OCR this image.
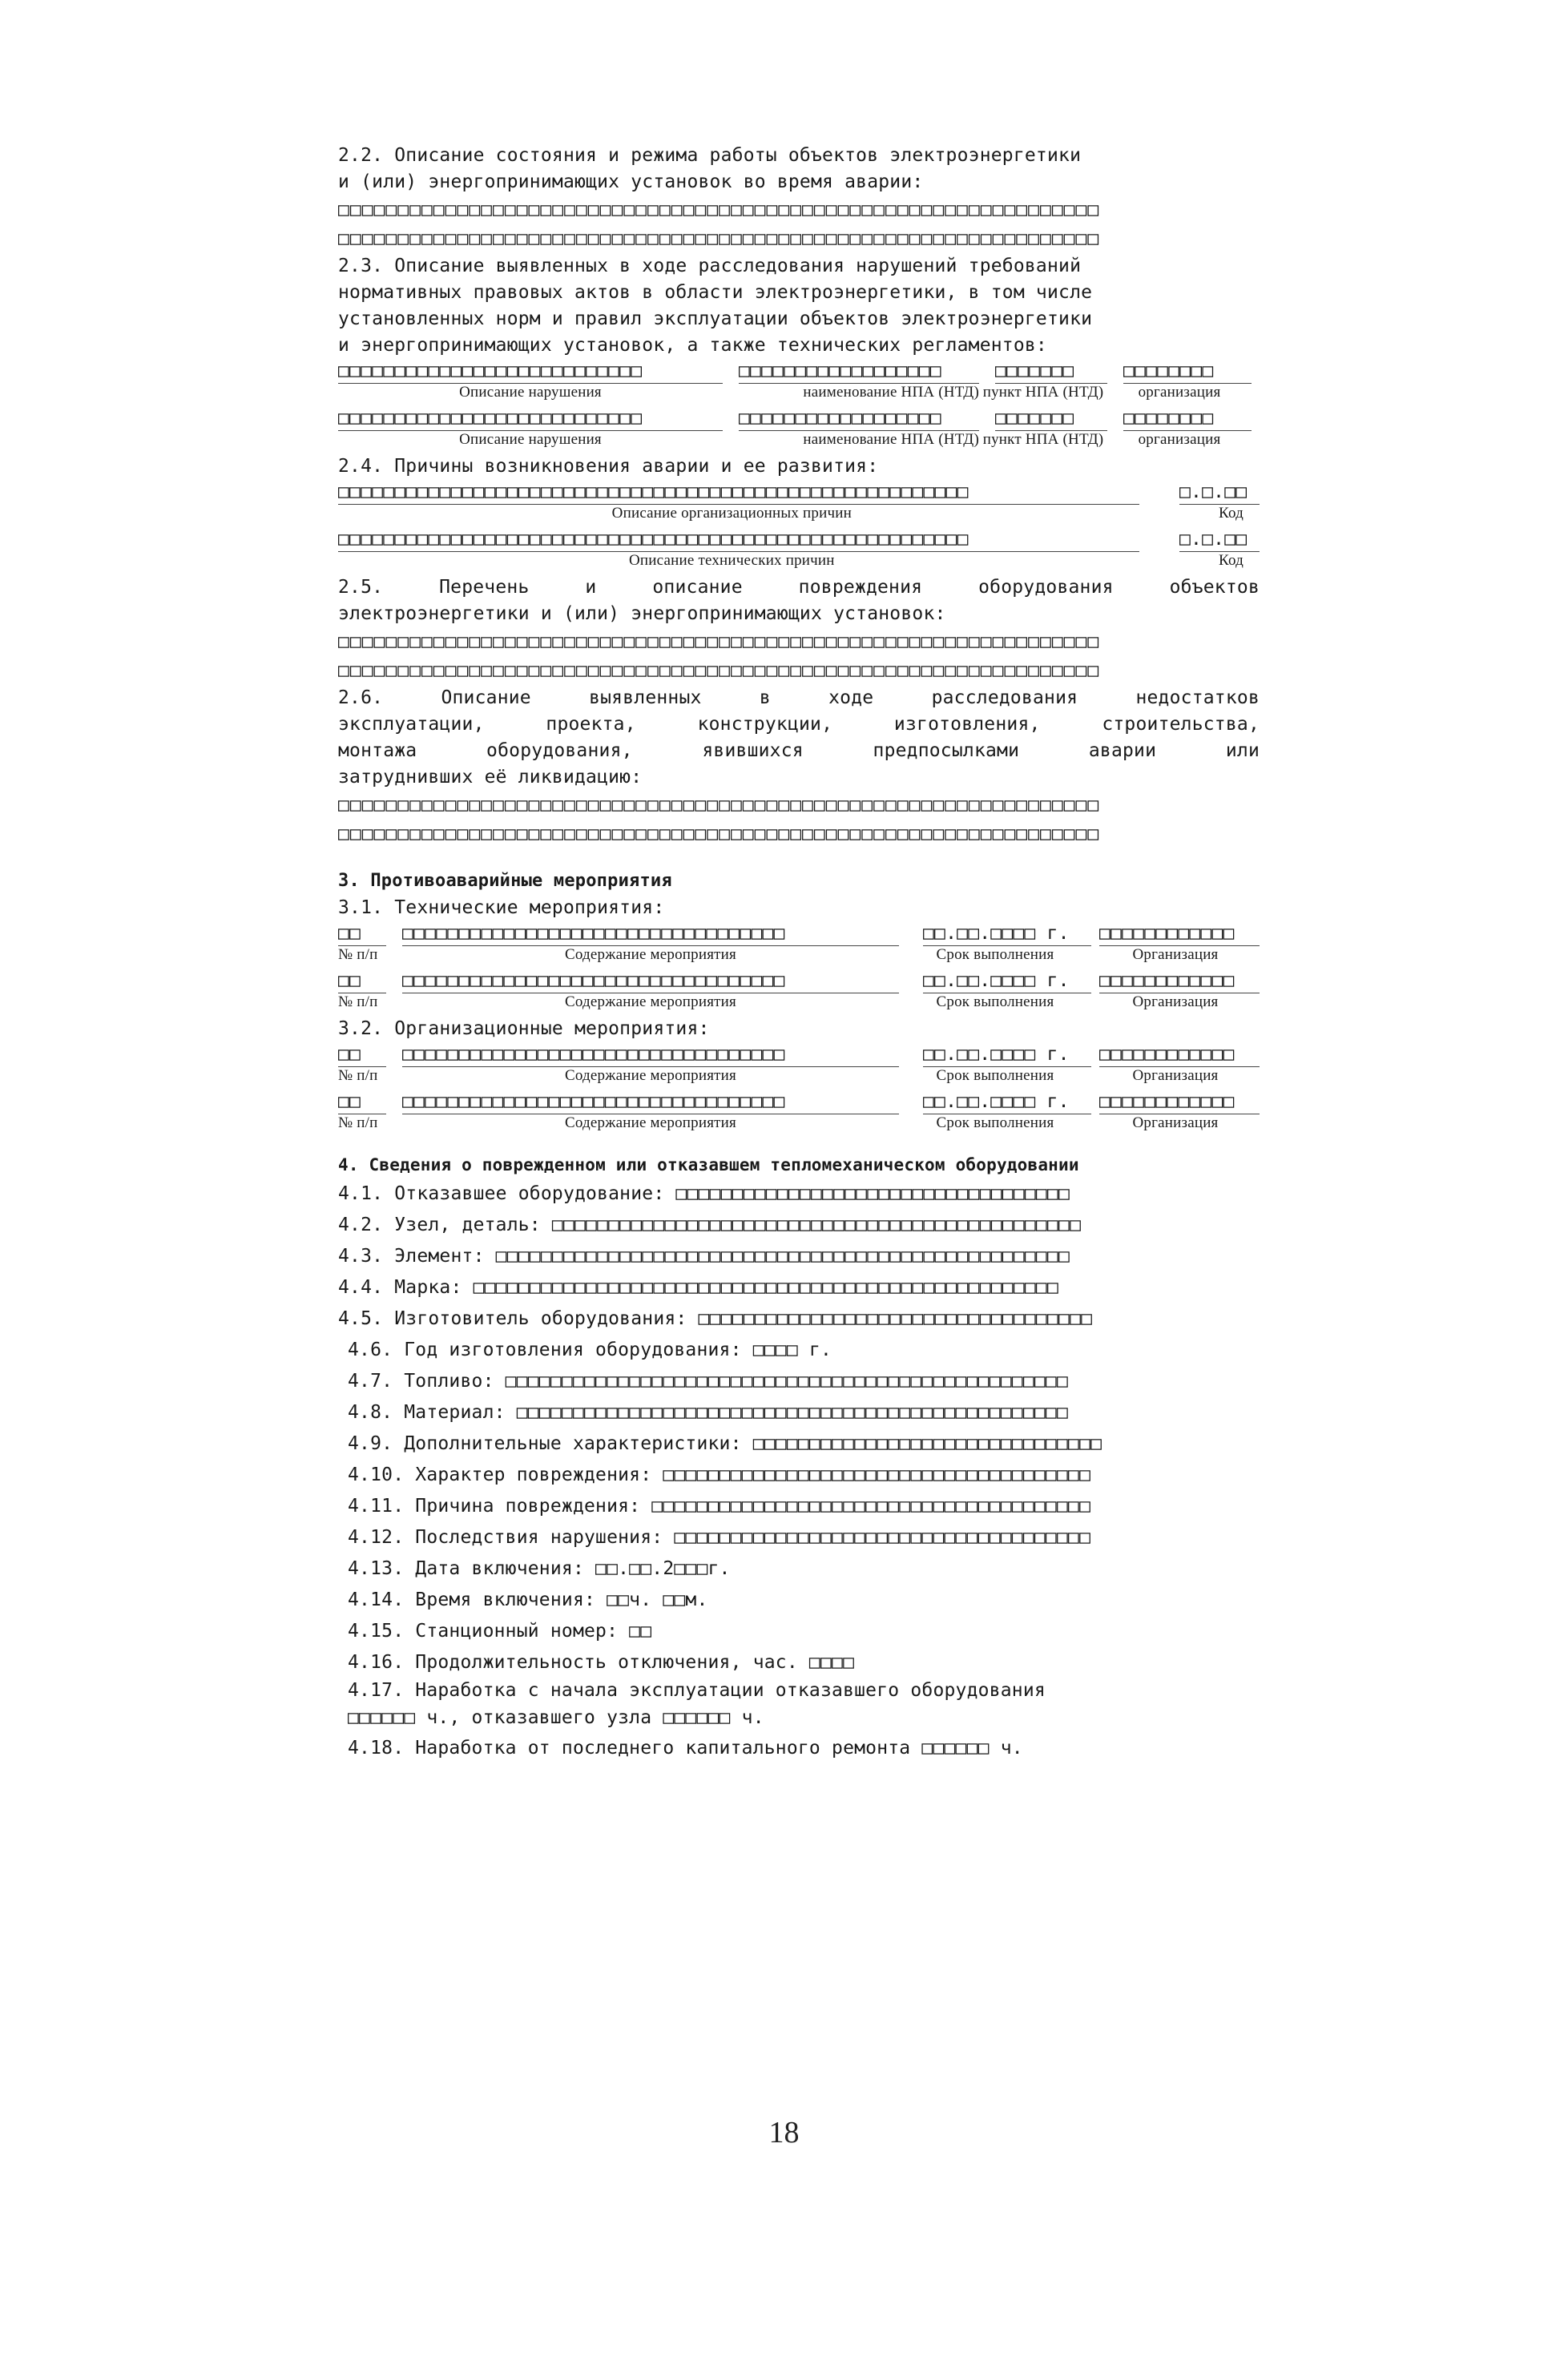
2.2. Описание состояния и режима работы объектов электроэнергетики
и (или) энергопринимающих установок во время аварии:
□□□□□□□□□□□□□□□□□□□□□□□□□□□□□□□□□□□□□□□□□□□□□□□□□□□□□□□□□□□□□□□□
□□□□□□□□□□□□□□□□□□□□□□□□□□□□□□□□□□□□□□□□□□□□□□□□□□□□□□□□□□□□□□□□
2.3. Описание выявленных в ходе расследования нарушений требований
нормативных правовых актов в области электроэнергетики, в том числе
установленных норм и правил эксплуатации объектов электроэнергетики
и энергопринимающих установок, а также технических регламентов:
□□□□□□□□□□□□□□□□□□□□□□□□□□□	□□□□□□□□□□□□□□□□□□	□□□□□□□	□□□□□□□□
Описание нарушения	наименование НПА (НТД) пункт НПА (НТД)	организация
□□□□□□□□□□□□□□□□□□□□□□□□□□□	□□□□□□□□□□□□□□□□□□	□□□□□□□	□□□□□□□□
Описание нарушения	наименование НПА (НТД) пункт НПА (НТД)	организация
2.4. Причины возникновения аварии и ее развития:
□□□□□□□□□□□□□□□□□□□□□□□□□□□□□□□□□□□□□□□□□□□□□□□□□□□□□□□□	□.□.□□
Описание организационных причин	Код
□□□□□□□□□□□□□□□□□□□□□□□□□□□□□□□□□□□□□□□□□□□□□□□□□□□□□□□□	□.□.□□
Описание технических причин	Код
2.5. Перечень и описание повреждения оборудования объектов
электроэнергетики и (или) энергопринимающих установок:
□□□□□□□□□□□□□□□□□□□□□□□□□□□□□□□□□□□□□□□□□□□□□□□□□□□□□□□□□□□□□□□□
□□□□□□□□□□□□□□□□□□□□□□□□□□□□□□□□□□□□□□□□□□□□□□□□□□□□□□□□□□□□□□□□
2.6. Описание выявленных в ходе расследования недостатков
эксплуатации, проекта, конструкции, изготовления, строительства,
монтажа оборудования, явившихся предпосылками аварии или
затруднивших её ликвидацию:
□□□□□□□□□□□□□□□□□□□□□□□□□□□□□□□□□□□□□□□□□□□□□□□□□□□□□□□□□□□□□□□□
□□□□□□□□□□□□□□□□□□□□□□□□□□□□□□□□□□□□□□□□□□□□□□□□□□□□□□□□□□□□□□□□
3. Противоаварийные мероприятия
3.1. Технические мероприятия:
□□	□□□□□□□□□□□□□□□□□□□□□□□□□□□□□□□□□□	□□.□□.□□□□ г.	□□□□□□□□□□□□
№ п/п	Содержание мероприятия	Срок выполнения	Организация
□□	□□□□□□□□□□□□□□□□□□□□□□□□□□□□□□□□□□	□□.□□.□□□□ г.	□□□□□□□□□□□□
№ п/п	Содержание мероприятия	Срок выполнения	Организация
3.2. Организационные мероприятия:
□□	□□□□□□□□□□□□□□□□□□□□□□□□□□□□□□□□□□	□□.□□.□□□□ г.	□□□□□□□□□□□□
№ п/п	Содержание мероприятия	Срок выполнения	Организация
□□	□□□□□□□□□□□□□□□□□□□□□□□□□□□□□□□□□□	□□.□□.□□□□ г.	□□□□□□□□□□□□
№ п/п	Содержание мероприятия	Срок выполнения	Организация
4. Сведения о поврежденном или отказавшем тепломеханическом оборудовании
4.1. Отказавшее оборудование: □□□□□□□□□□□□□□□□□□□□□□□□□□□□□□□□□□□
4.2. Узел, деталь: □□□□□□□□□□□□□□□□□□□□□□□□□□□□□□□□□□□□□□□□□□□□□□□
4.3. Элемент: □□□□□□□□□□□□□□□□□□□□□□□□□□□□□□□□□□□□□□□□□□□□□□□□□□□
4.4. Марка: □□□□□□□□□□□□□□□□□□□□□□□□□□□□□□□□□□□□□□□□□□□□□□□□□□□□
4.5. Изготовитель оборудования: □□□□□□□□□□□□□□□□□□□□□□□□□□□□□□□□□□□
4.6. Год изготовления оборудования: □□□□ г.
4.7. Топливо: □□□□□□□□□□□□□□□□□□□□□□□□□□□□□□□□□□□□□□□□□□□□□□□□□□
4.8. Материал: □□□□□□□□□□□□□□□□□□□□□□□□□□□□□□□□□□□□□□□□□□□□□□□□□
4.9. Дополнительные характеристики: □□□□□□□□□□□□□□□□□□□□□□□□□□□□□□□
4.10. Характер повреждения: □□□□□□□□□□□□□□□□□□□□□□□□□□□□□□□□□□□□□□
4.11. Причина повреждения: □□□□□□□□□□□□□□□□□□□□□□□□□□□□□□□□□□□□□□□
4.12. Последствия нарушения: □□□□□□□□□□□□□□□□□□□□□□□□□□□□□□□□□□□□□
4.13. Дата включения: □□.□□.2□□□г.
4.14. Время включения: □□ч. □□м.
4.15. Станционный номер: □□
4.16. Продолжительность отключения, час. □□□□
4.17. Наработка с начала эксплуатации отказавшего оборудования
□□□□□□ ч., отказавшего узла □□□□□□ ч.
4.18. Наработка от последнего капитального ремонта □□□□□□ ч.
18
